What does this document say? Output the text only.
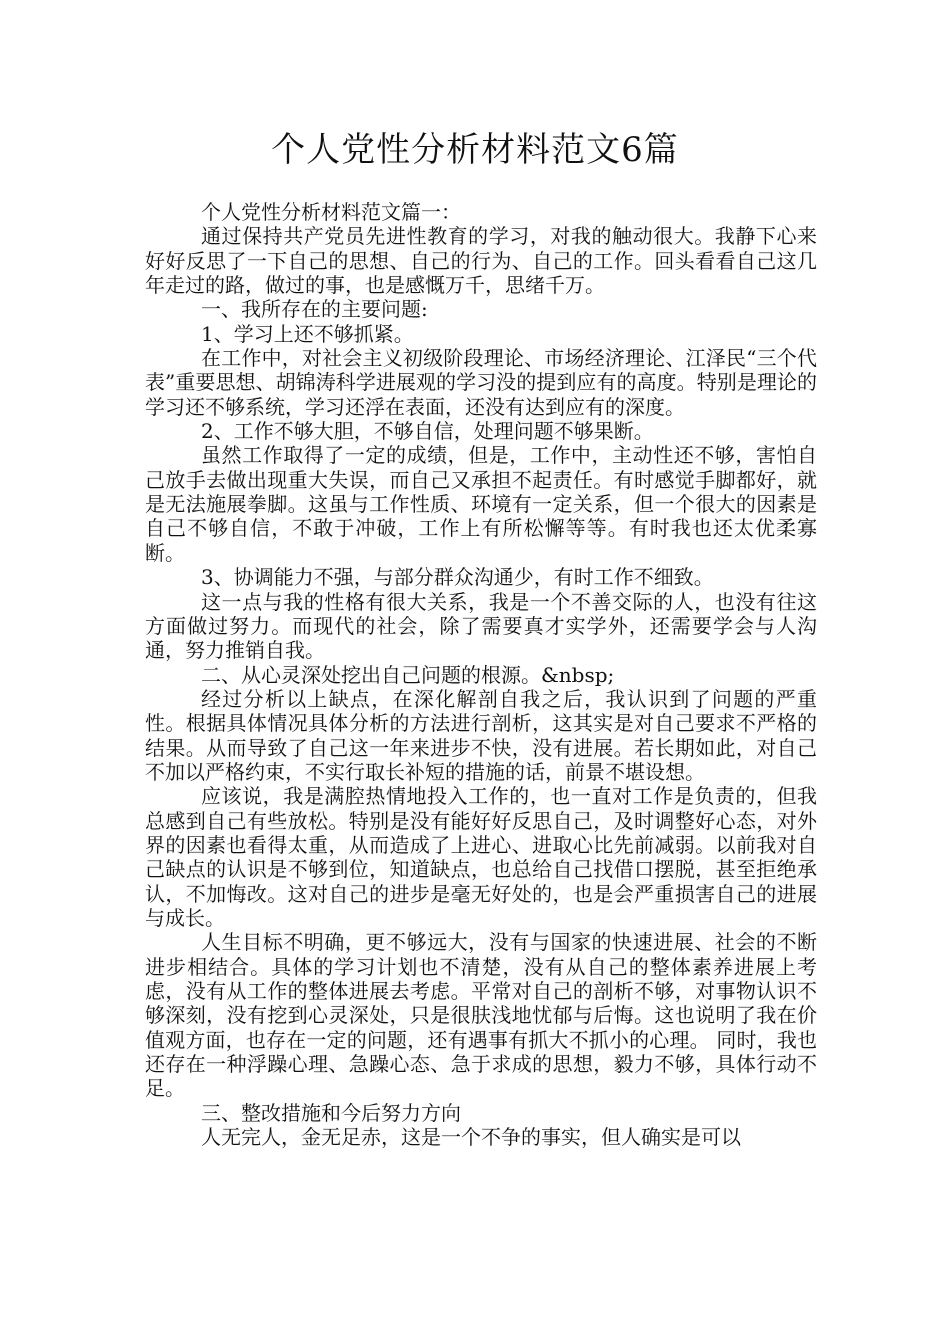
个人党性分析材料范文6篇

个人党性分析材料范文篇一：

通过保持共产党员先进性教育的学习，对我的触动很大。我静下心来好好反思了一下自己的思想、自己的行为、自己的工作。回头看看自己这几年走过的路，做过的事，也是感慨万千，思绪千万。

一、我所存在的主要问题:

1、学习上还不够抓紧。

在工作中，对社会主义初级阶段理论、市场经济理论、江泽民“三个代表”重要思想、胡锦涛科学进展观的学习没的提到应有的高度。特别是理论的学习还不够系统，学习还浮在表面，还没有达到应有的深度。

2、工作不够大胆，不够自信，处理问题不够果断。

虽然工作取得了一定的成绩，但是，工作中，主动性还不够，害怕自己放手去做出现重大失误，而自己又承担不起责任。有时感觉手脚都好，就是无法施展拳脚。这虽与工作性质、环境有一定关系，但一个很大的因素是自己不够自信，不敢于冲破，工作上有所松懈等等。有时我也还太优柔寡断。

3、协调能力不强，与部分群众沟通少，有时工作不细致。

这一点与我的性格有很大关系，我是一个不善交际的人，也没有往这方面做过努力。而现代的社会，除了需要真才实学外，还需要学会与人沟通，努力推销自我。

二、从心灵深处挖出自己问题的根源。&nbsp;

经过分析以上缺点，在深化解剖自我之后，我认识到了问题的严重性。根据具体情况具体分析的方法进行剖析，这其实是对自己要求不严格的结果。从而导致了自己这一年来进步不快，没有进展。若长期如此，对自己不加以严格约束，不实行取长补短的措施的话，前景不堪设想。

应该说，我是满腔热情地投入工作的，也一直对工作是负责的，但我总感到自己有些放松。特别是没有能好好反思自己，及时调整好心态，对外界的因素也看得太重，从而造成了上进心、进取心比先前减弱。以前我对自己缺点的认识是不够到位，知道缺点，也总给自己找借口摆脱，甚至拒绝承认，不加悔改。这对自己的进步是毫无好处的，也是会严重损害自己的进展与成长。

人生目标不明确，更不够远大，没有与国家的快速进展、社会的不断进步相结合。具体的学习计划也不清楚，没有从自己的整体素养进展上考虑，没有从工作的整体进展去考虑。平常对自己的剖析不够，对事物认识不够深刻，没有挖到心灵深处，只是很肤浅地忧郁与后悔。这也说明了我在价值观方面，也存在一定的问题，还有遇事有抓大不抓小的心理。 同时，我也还存在一种浮躁心理、急躁心态、急于求成的思想，毅力不够，具体行动不足。

三、整改措施和今后努力方向

人无完人，金无足赤，这是一个不争的事实，但人确实是可以
